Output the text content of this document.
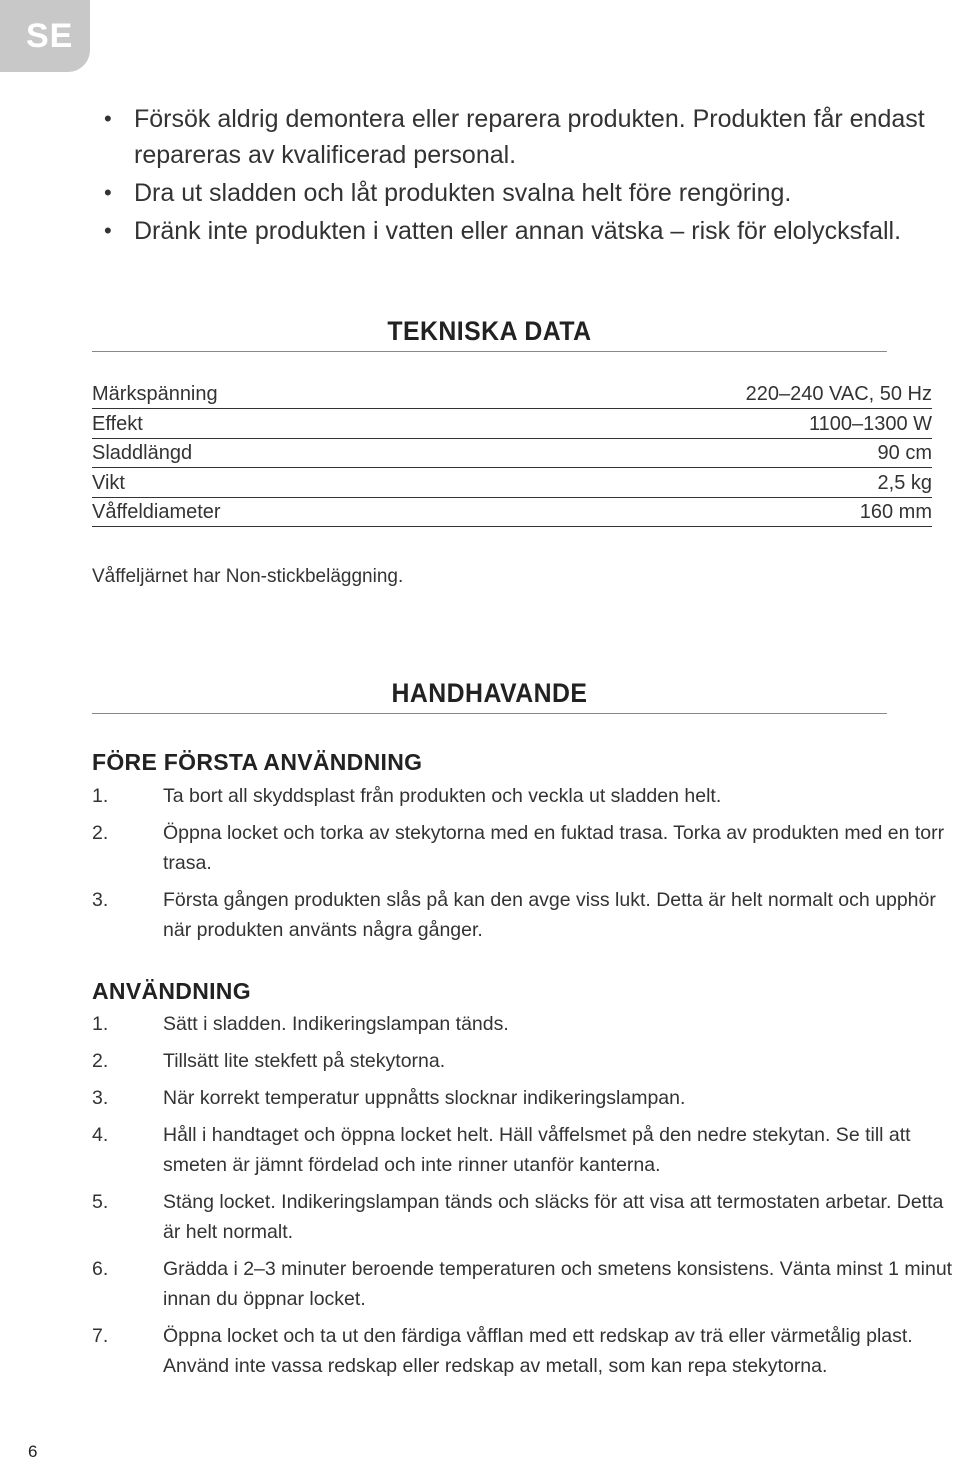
SE
• Försök aldrig demontera eller reparera produkten. Produkten får endast repareras av kvalificerad personal.
• Dra ut sladden och låt produkten svalna helt före rengöring.
• Dränk inte produkten i vatten eller annan vätska – risk för elolycksfall.
TEKNISKA DATA
Märkspänning	220–240 VAC, 50 Hz
Effekt	1100–1300 W
Sladdlängd	90 cm
Vikt	2,5 kg
Våffeldiameter	160 mm
Våffeljärnet har Non-stickbeläggning.
HANDHAVANDE
FÖRE FÖRSTA ANVÄNDNING
1.	Ta bort all skyddsplast från produkten och veckla ut sladden helt.
2.	Öppna locket och torka av stekytorna med en fuktad trasa. Torka av produkten med en torr trasa.
3.	Första gången produkten slås på kan den avge viss lukt. Detta är helt normalt och upphör när produkten använts några gånger.
ANVÄNDNING
1.	Sätt i sladden. Indikeringslampan tänds.
2.	Tillsätt lite stekfett på stekytorna.
3.	När korrekt temperatur uppnåtts slocknar indikeringslampan.
4.	Håll i handtaget och öppna locket helt. Häll våffelsmet på den nedre stekytan. Se till att smeten är jämnt fördelad och inte rinner utanför kanterna.
5.	Stäng locket. Indikeringslampan tänds och släcks för att visa att termostaten arbetar. Detta är helt normalt.
6.	Grädda i 2–3 minuter beroende temperaturen och smetens konsistens. Vänta minst 1 minut innan du öppnar locket.
7.	Öppna locket och ta ut den färdiga våfflan med ett redskap av trä eller värmetålig plast. Använd inte vassa redskap eller redskap av metall, som kan repa stekytorna.
6
